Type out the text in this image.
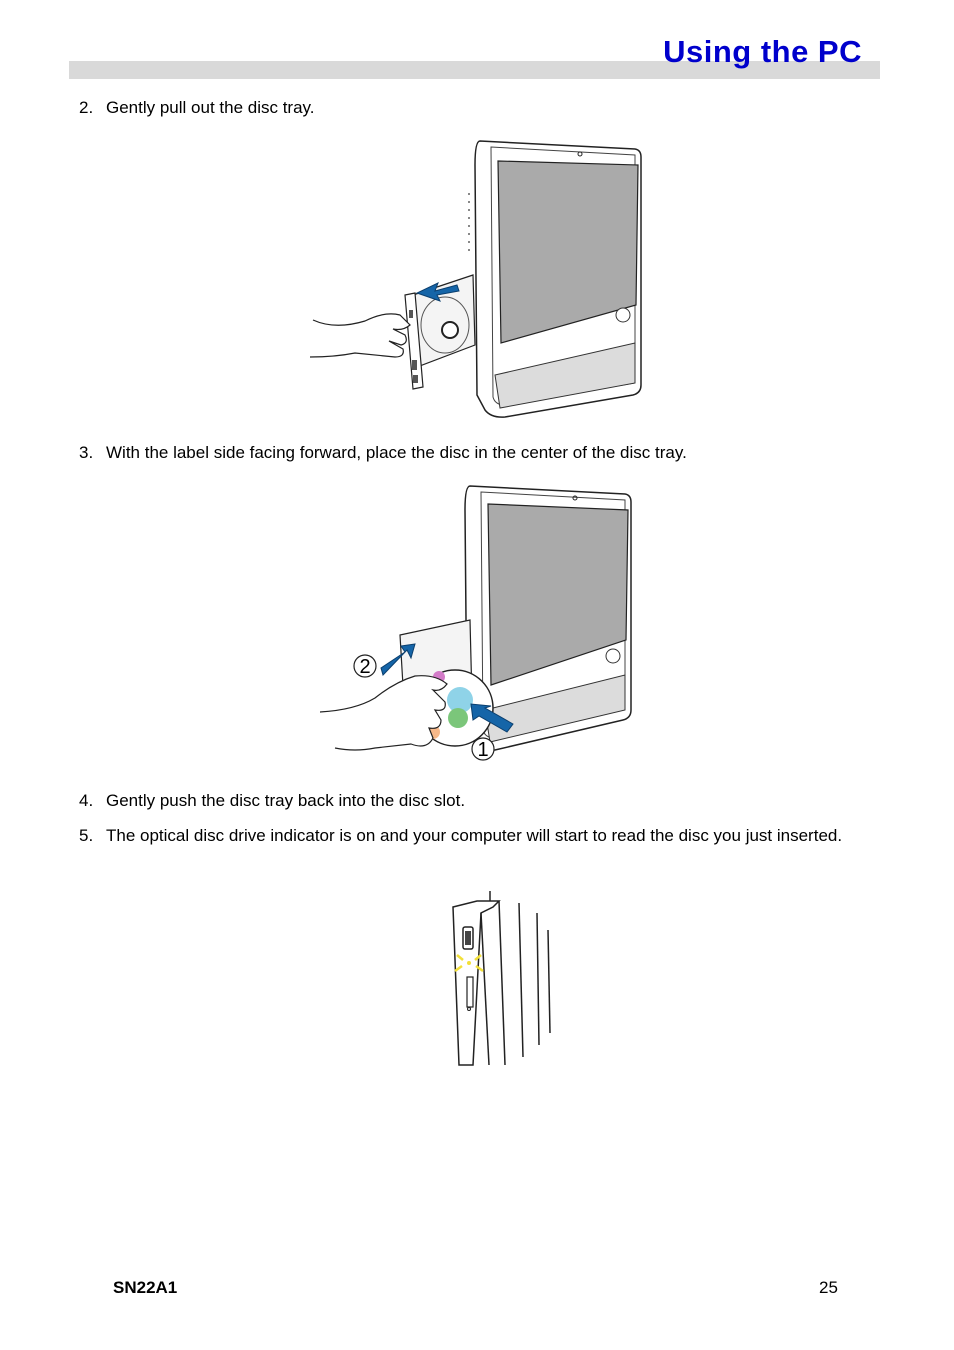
Using the PC
2. Gently pull out the disc tray.
3. With the label side facing forward, place the disc in the center of the disc tray.
2
1
4. Gently push the disc tray back into the disc slot.
5. The optical disc drive indicator is on and your computer will start to read the disc you just inserted.
SN22A1	25
